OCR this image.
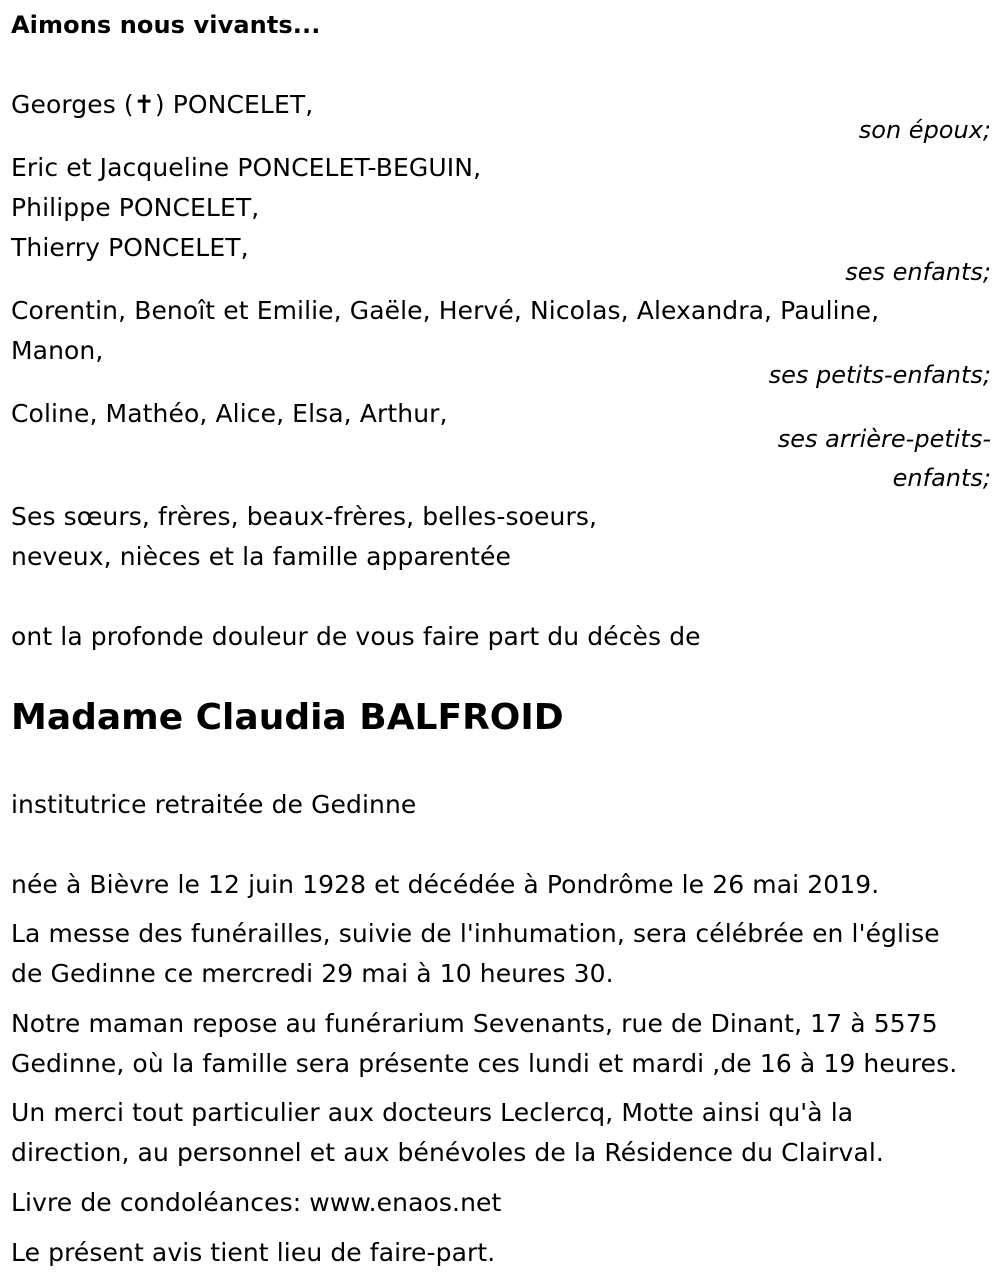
Aimons nous vivants...
Georges (✝) PONCELET,
son époux;
Eric et Jacqueline PONCELET-BEGUIN,
Philippe PONCELET,
Thierry PONCELET,
ses enfants;
Corentin, Benoît et Emilie, Gaële, Hervé, Nicolas, Alexandra, Pauline,
Manon,
ses petits-enfants;
Coline, Mathéo, Alice, Elsa, Arthur,
ses arrière-petits-
enfants;
Ses sœurs, frères, beaux-frères, belles-soeurs,
neveux, nièces et la famille apparentée
ont la profonde douleur de vous faire part du décès de
Madame Claudia BALFROID
institutrice retraitée de Gedinne
née à Bièvre le 12 juin 1928 et décédée à Pondrôme le 26 mai 2019.
La messe des funérailles, suivie de l'inhumation, sera célébrée en l'église
de Gedinne ce mercredi 29 mai à 10 heures 30.
Notre maman repose au funérarium Sevenants, rue de Dinant, 17 à 5575
Gedinne, où la famille sera présente ces lundi et mardi ,de 16 à 19 heures.
Un merci tout particulier aux docteurs Leclercq, Motte ainsi qu'à la
direction, au personnel et aux bénévoles de la Résidence du Clairval.
Livre de condoléances: www.enaos.net
Le présent avis tient lieu de faire-part.
